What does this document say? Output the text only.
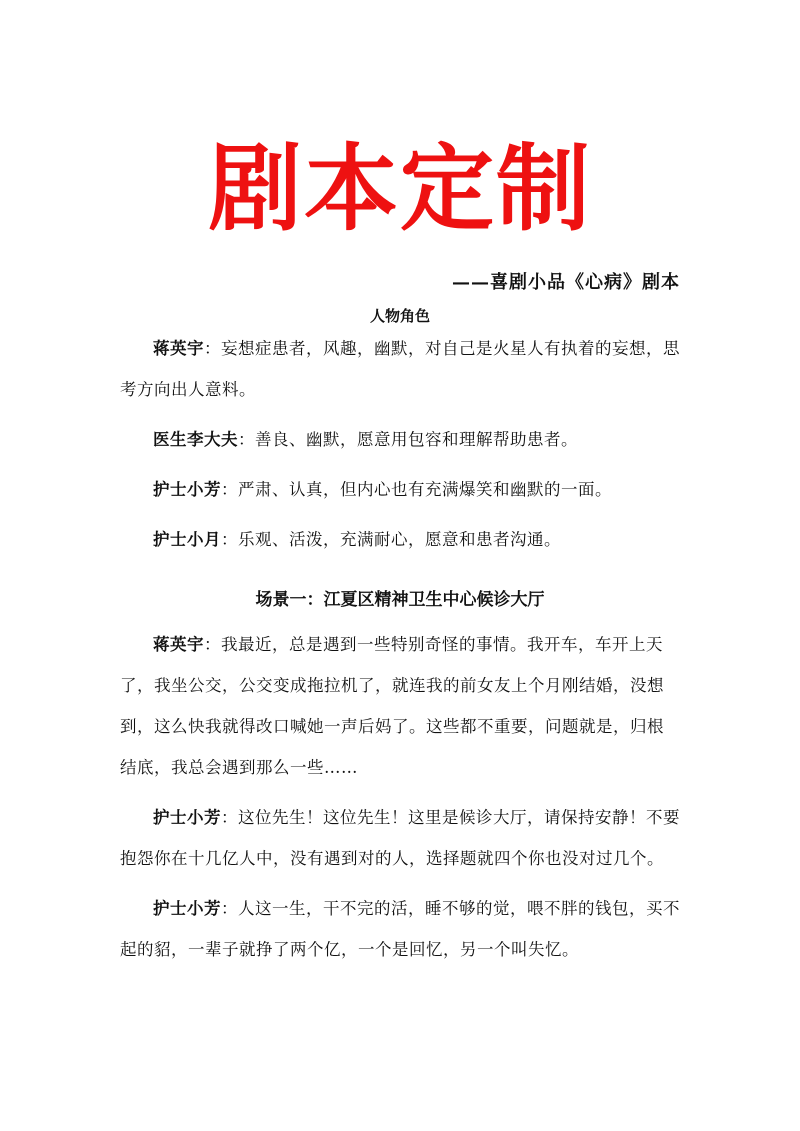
剧本定制
——喜剧小品《心病》剧本
人物角色

蒋英宇：妄想症患者，风趣，幽默，对自己是火星人有执着的妄想，思考方向出人意料。

医生李大夫：善良、幽默，愿意用包容和理解帮助患者。

护士小芳：严肃、认真，但内心也有充满爆笑和幽默的一面。

护士小月：乐观、活泼，充满耐心，愿意和患者沟通。

场景一：江夏区精神卫生中心候诊大厅

蒋英宇：我最近，总是遇到一些特别奇怪的事情。我开车，车开上天了，我坐公交，公交变成拖拉机了，就连我的前女友上个月刚结婚，没想到，这么快我就得改口喊她一声后妈了。这些都不重要，问题就是，归根结底，我总会遇到那么一些……

护士小芳：这位先生！这位先生！这里是候诊大厅，请保持安静！不要抱怨你在十几亿人中，没有遇到对的人，选择题就四个你也没对过几个。

护士小芳：人这一生，干不完的活，睡不够的觉，喂不胖的钱包，买不起的貂，一辈子就挣了两个亿，一个是回忆，另一个叫失忆。
